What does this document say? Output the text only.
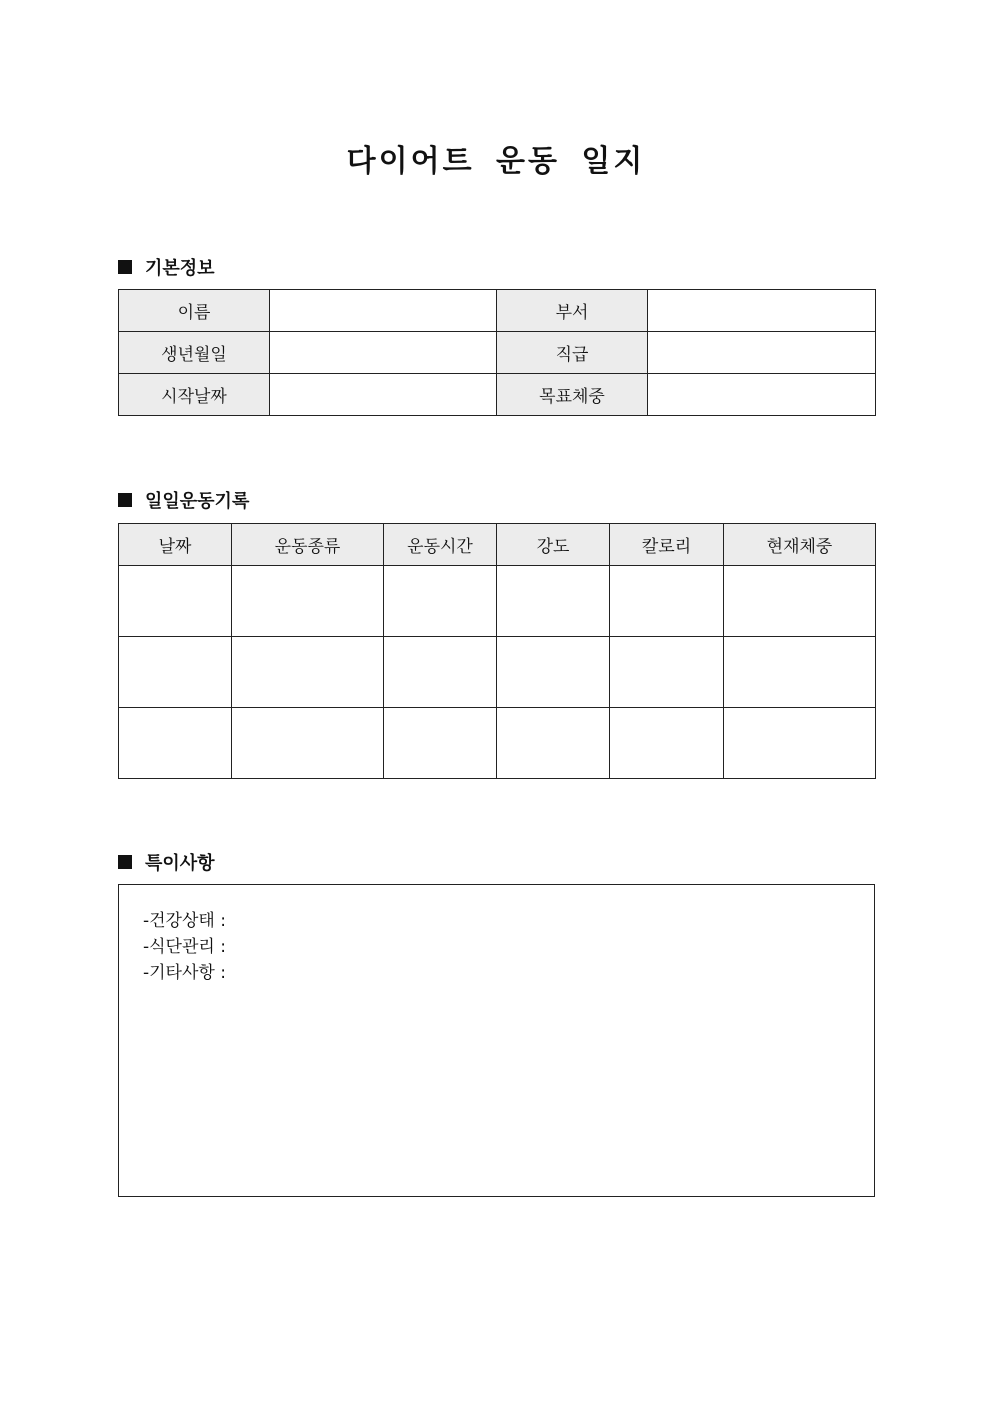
다이어트 운동 일지
기본정보
이름		부서	
생년월일		직급	
시작날짜		목표체중	
일일운동기록
날짜	운동종류	운동시간	강도	칼로리	현재체중

특이사항
-건강상태 :
-식단관리 :
-기타사항 :
